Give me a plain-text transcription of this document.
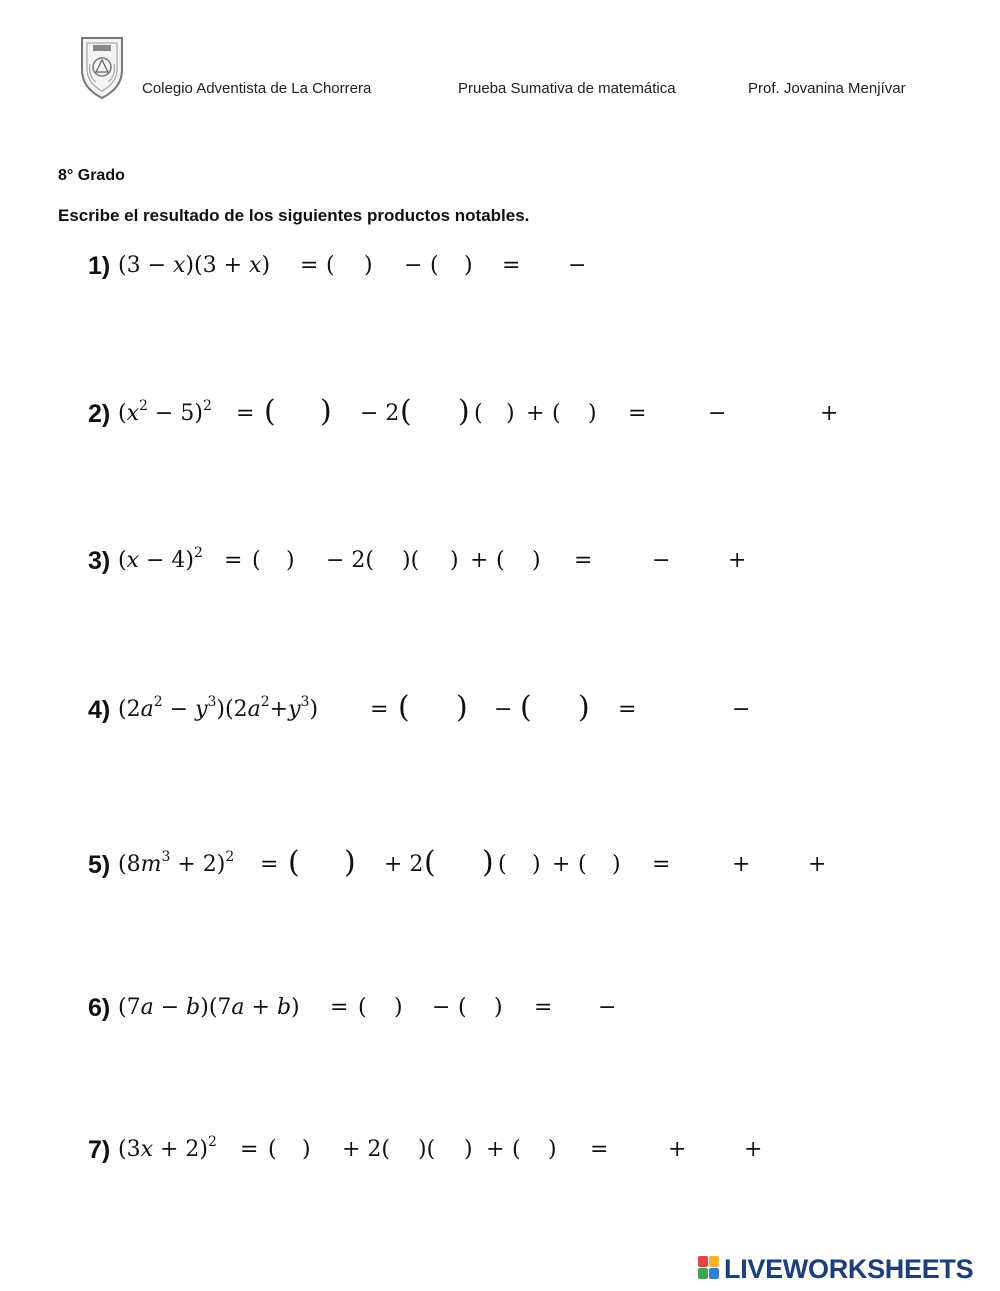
Colegio Adventista de La Chorrera	Prueba Sumativa de matemática	Prof. Jovanina Menjívar
8° Grado
Escribe el resultado de los siguientes productos notables.
1) (3 − x)(3 + x) = ( ) − ( ) = −
2) $(x^2 - 5)^2$ = ( ) − 2 ( ) ( ) + ( ) =	−	+
3) $(x - 4)^2$ = ( ) − 2( )( ) + ( ) =	−	+
4) $(2a^2 - y^3)(2a^2+y^3)$ = ( ) − ( ) =	−
5) $(8m^3 + 2)^2$ = ( ) + 2 ( ) ( ) + ( ) =	+	+
6) (7a − b)(7a + b) = ( ) − ( ) = −
7) $(3x + 2)^2$ = ( ) + 2( )( ) + ( ) =	+	+
LIVEWORKSHEETS
